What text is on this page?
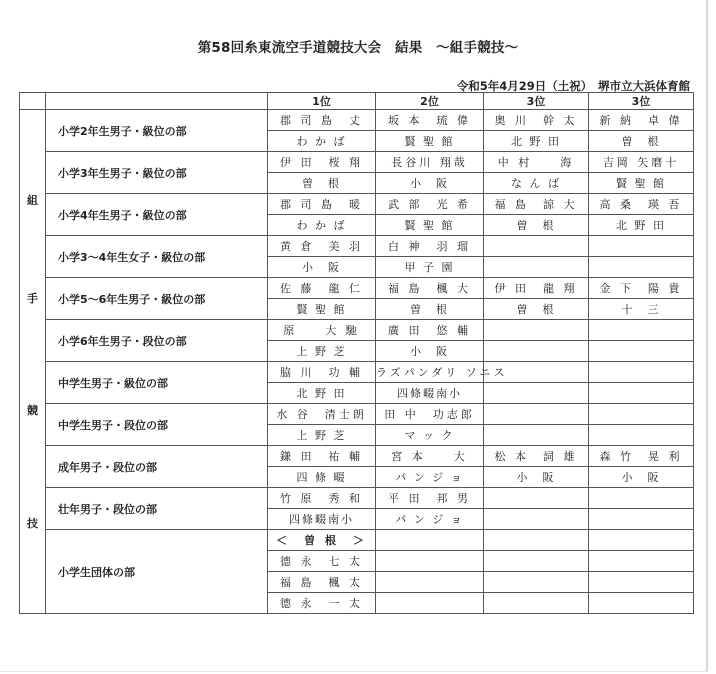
第58回糸東流空手道競技大会　結果　～組手競技～
令和5年4月29日（土祝）　堺市立大浜体育館
		1位	2位	3位	3位

組
手
競
技	小学2年生男子・級位の部	郡 司 島　丈	坂 本　琉 偉	奥 川　幹 太	新 納　卓 偉
		わ か ば	賢 聖 館	北 野 田	曽　根
	小学3年生男子・級位の部	伊 田　桜 翔	長谷川 翔哉	中 村　　海	吉岡 矢磨十
		曽　根	小　阪	な ん ば	賢 聖 館
	小学4年生男子・級位の部	郡 司 島　暖	武 部　光 希	福 島　諒 大	高 桑　瑛 吾
		わ か ば	賢 聖 館	曽　根	北 野 田
	小学3～4年生女子・級位の部	黄 倉　美 羽	白 神　羽 瑠		
		小　阪	甲 子 園		
	小学5～6年生男子・級位の部	佐 藤　龍 仁	福 島　楓 大	伊 田　龍 翔	金 下　陽 貴
		賢 聖 館	曽　根	曽　根	十　三
	小学6年生男子・段位の部	原　　大 馳	廣 田　悠 輔		
		上 野 芝	小　阪		
	中学生男子・級位の部	脇 川　功 輔	ラズパンダリ ソニス		
		北 野 田	四條畷南小		
	中学生男子・段位の部	水 谷　清士朗	田 中　功志郎		
		上 野 芝	マ ッ ク		
	成年男子・段位の部	鎌 田　祐 輔	宮 本　　大	松 本　詞 雄	森 竹　晃 利
		四 條 畷	パ ン ジ ョ	小　阪	小　阪
	壮年男子・段位の部	竹 原　秀 和	平 田　邦 男		
		四條畷南小	パ ン ジ ョ		
	小学生団体の部	＜　曽 根　＞			
		德 永　七 太			
		福 島　楓 太			
		德 永　一 太			
